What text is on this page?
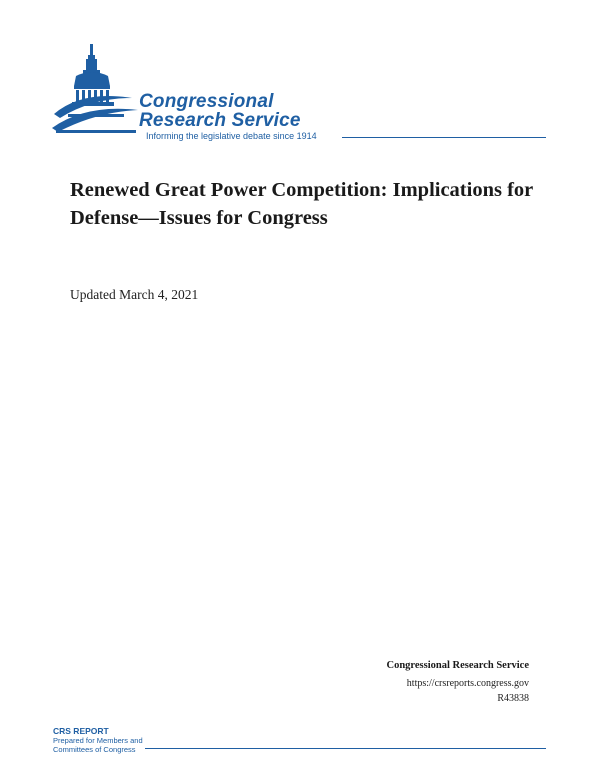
Congressional
Research Service
Informing the legislative debate since 1914
Renewed Great Power Competition: Implications for Defense—Issues for Congress
Updated March 4, 2021
Congressional Research Service
https://crsreports.congress.gov
R43838
CRS REPORT
Prepared for Members and
Committees of Congress
